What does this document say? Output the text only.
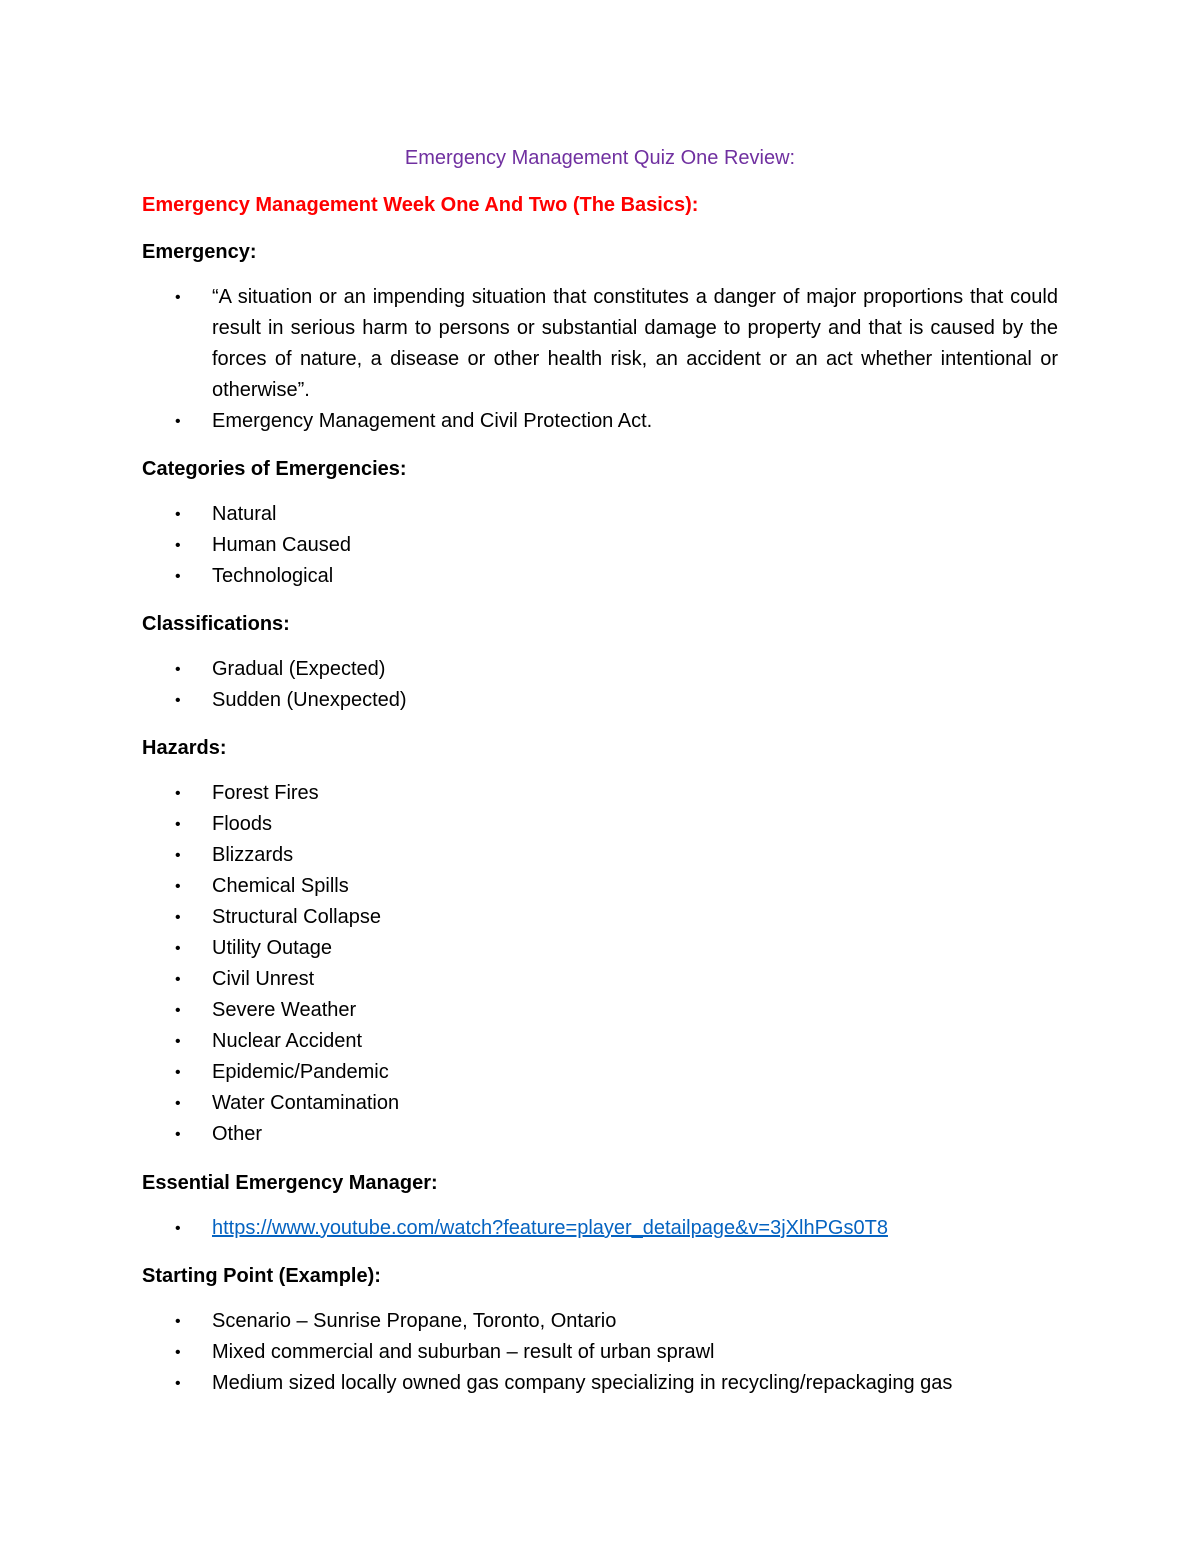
Emergency Management Quiz One Review:
Emergency Management Week One And Two (The Basics):
Emergency:
• “A situation or an impending situation that constitutes a danger of major proportions that could result in serious harm to persons or substantial damage to property and that is caused by the forces of nature, a disease or other health risk, an accident or an act whether intentional or otherwise”.
• Emergency Management and Civil Protection Act.
Categories of Emergencies:
• Natural
• Human Caused
• Technological
Classifications:
• Gradual (Expected)
• Sudden (Unexpected)
Hazards:
• Forest Fires
• Floods
• Blizzards
• Chemical Spills
• Structural Collapse
• Utility Outage
• Civil Unrest
• Severe Weather
• Nuclear Accident
• Epidemic/Pandemic
• Water Contamination
• Other
Essential Emergency Manager:
• https://www.youtube.com/watch?feature=player_detailpage&v=3jXlhPGs0T8
Starting Point (Example):
• Scenario – Sunrise Propane, Toronto, Ontario
• Mixed commercial and suburban – result of urban sprawl
• Medium sized locally owned gas company specializing in recycling/repackaging gas
